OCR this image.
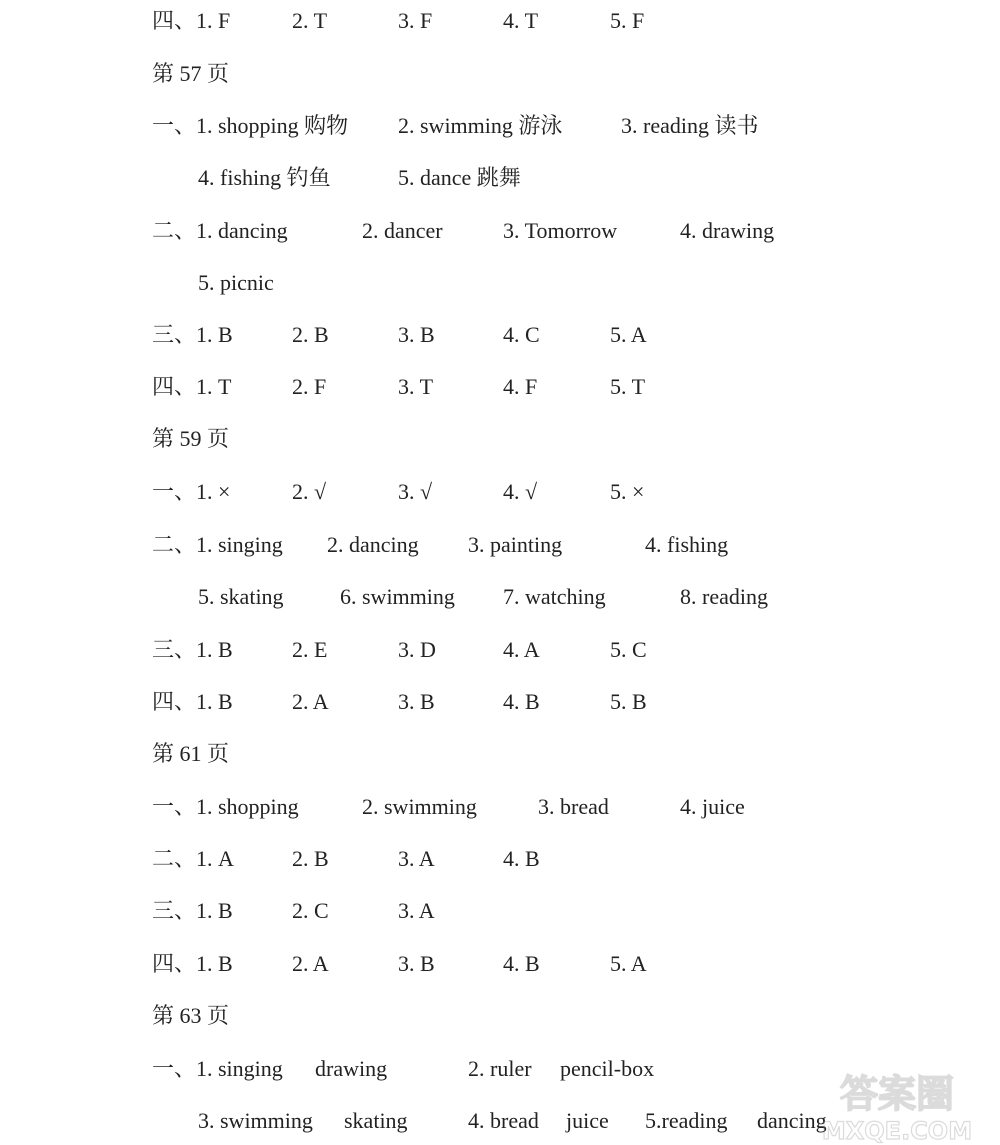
四、1. F	2. T	3. F	4. T	5. F
第 57 页
一、1. shopping 购物 2. swimming 游泳	3. reading 读书
4. fishing 钓鱼	5. dance 跳舞
二、1. dancing	2. dancer	3. Tomorrow	4. drawing
5. picnic
三、1. B	2. B	3. B	4. C	5. A
四、1. T	2. F	3. T	4. F	5. T
第 59 页
一、1. ×	2. √	3. √	4. √	5. ×
二、1. singing 2. dancing 3. painting	4. fishing
5. skating	6. swimming 7. watching	8. reading
三、1. B	2. E	3. D	4. A	5. C
四、1. B	2. A	3. B	4. B	5. B
第 61 页
一、1. shopping	2. swimming	3. bread	4. juice
二、1. A	2. B	3. A	4. B
三、1. B	2. C	3. A
四、1. B	2. A	3. B	4. B	5. A
第 63 页
一、1. singing drawing	2. ruler pencil-box
3. swimming skating	4. bread juice 5.reading dancing
答案圈
MXQE.COM
